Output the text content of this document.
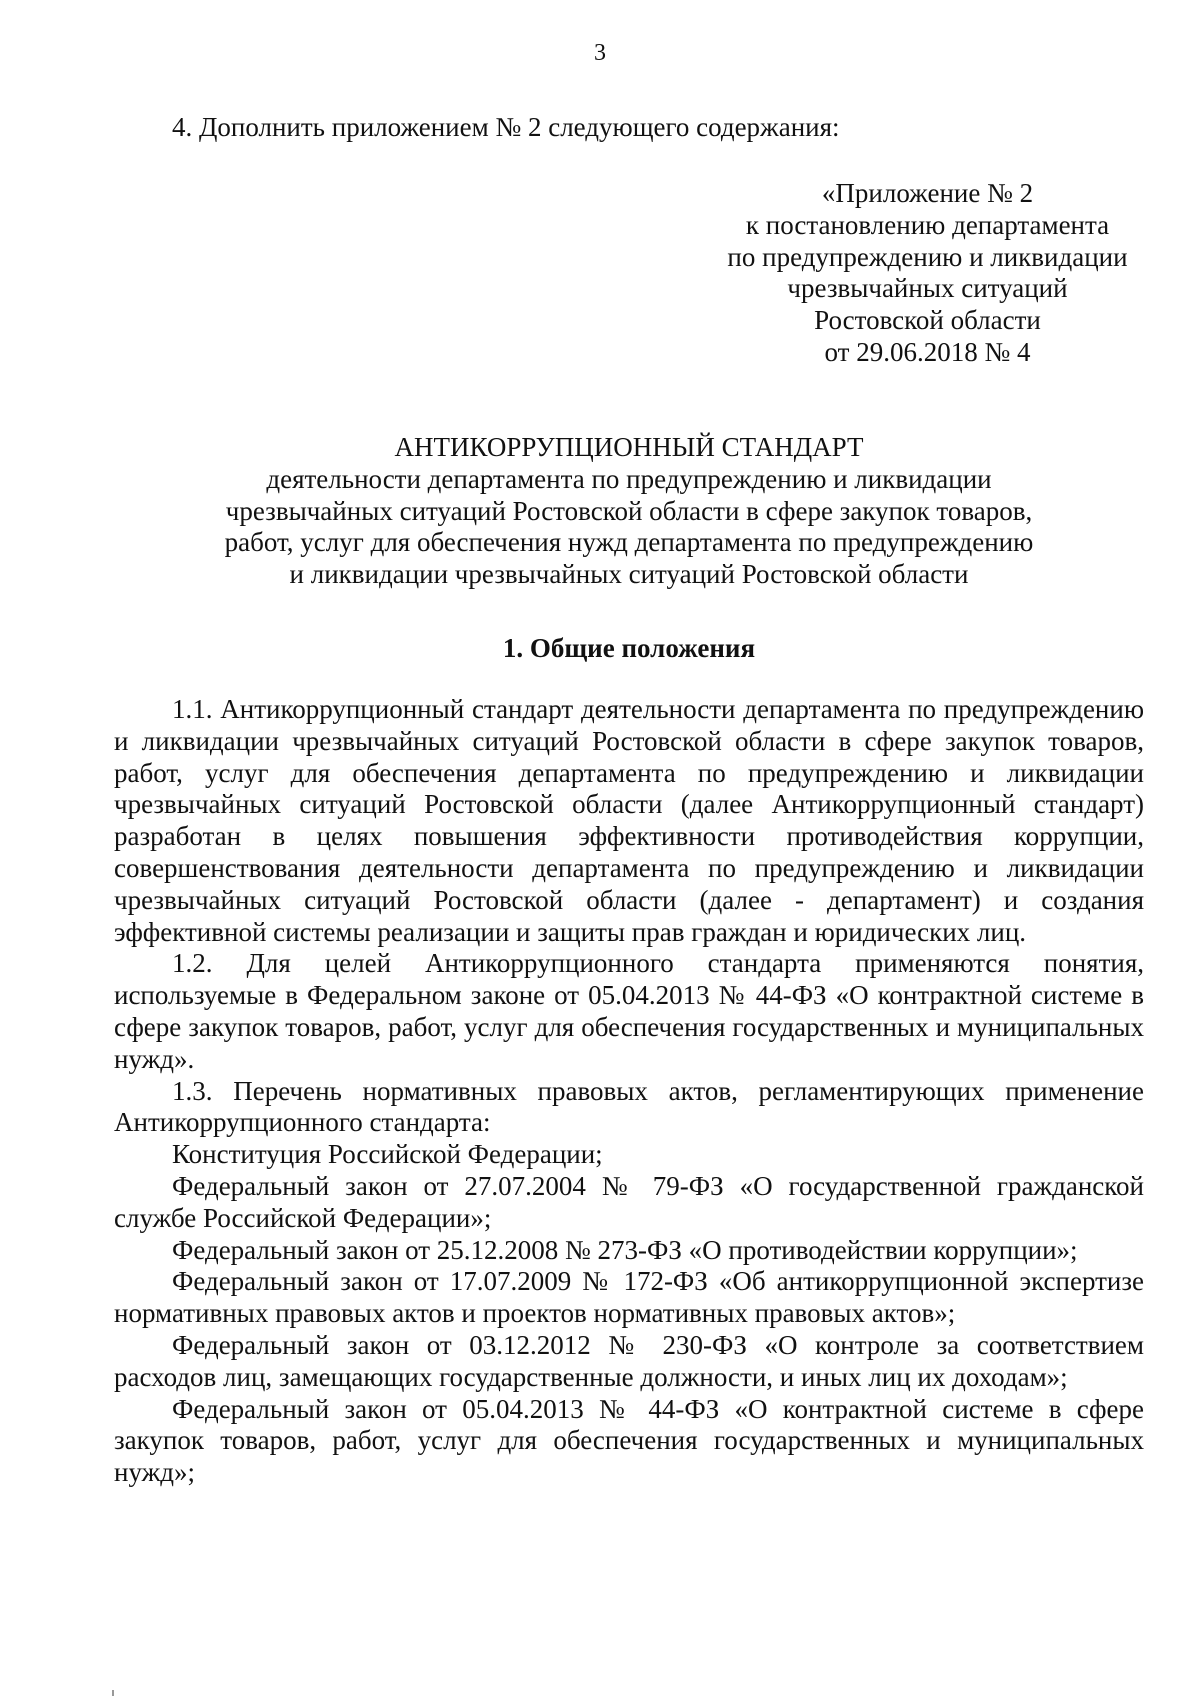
3
4. Дополнить приложением № 2 следующего содержания:
«Приложение № 2
к постановлению департамента
по предупреждению и ликвидации
чрезвычайных ситуаций
Ростовской области
от 29.06.2018 № 4
АНТИКОРРУПЦИОННЫЙ СТАНДАРТ
деятельности департамента по предупреждению и ликвидации
чрезвычайных ситуаций Ростовской области в сфере закупок товаров,
работ, услуг для обеспечения нужд департамента по предупреждению
и ликвидации чрезвычайных ситуаций Ростовской области
1. Общие положения

1.1. Антикоррупционный стандарт деятельности департамента по предупреждению и ликвидации чрезвычайных ситуаций Ростовской области в сфере закупок товаров, работ, услуг для обеспечения департамента по предупреждению и ликвидации чрезвычайных ситуаций Ростовской области (далее Антикоррупционный стандарт) разработан в целях повышения эффективности противодействия коррупции, совершенствования деятельности департамента по предупреждению и ликвидации чрезвычайных ситуаций Ростовской области (далее - департамент) и создания эффективной системы реализации и защиты прав граждан и юридических лиц.

1.2. Для целей Антикоррупционного стандарта применяются понятия, используемые в Федеральном законе от 05.04.2013 № 44-ФЗ «О контрактной системе в сфере закупок товаров, работ, услуг для обеспечения государственных и муниципальных нужд».

1.3. Перечень нормативных правовых актов, регламентирующих применение Антикоррупционного стандарта:

Конституция Российской Федерации;

Федеральный закон от 27.07.2004 № 79-ФЗ «О государственной гражданской службе Российской Федерации»;

Федеральный закон от 25.12.2008 № 273-ФЗ «О противодействии коррупции»;

Федеральный закон от 17.07.2009 № 172-ФЗ «Об антикоррупционной экспертизе нормативных правовых актов и проектов нормативных правовых актов»;

Федеральный закон от 03.12.2012 № 230-ФЗ «О контроле за соответствием расходов лиц, замещающих государственные должности, и иных лиц их доходам»;

Федеральный закон от 05.04.2013 № 44-ФЗ «О контрактной системе в сфере закупок товаров, работ, услуг для обеспечения государственных и муниципальных нужд»;
